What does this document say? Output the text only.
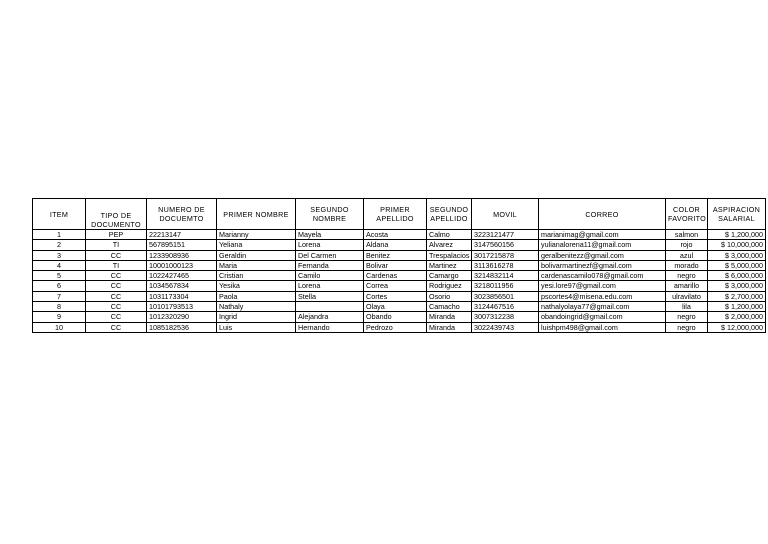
ITEM	TIPO DE DOCUMENTO	NUMERO DE DOCUEMTO	PRIMER NOMBRE	SEGUNDO NOMBRE	PRIMER APELLIDO	SEGUNDO APELLIDO	MOVIL	CORREO	COLOR FAVORITO	ASPIRACION SALARIAL
1	PEP	22213147	Marianny	Mayela	Acosta	Calmo	3223121477	marianimag@gmail.com	salmon	$ 1,200,000
2	TI	567895151	Yeliana	Lorena	Aldana	Alvarez	3147560156	yulianalorena11@gmail.com	rojo	$ 10,000,000
3	CC	1233908936	Geraldin	Del Carmen	Benitez	Trespalacios	3017215878	geralbenitezz@gmail.com	azul	$ 3,000,000
4	TI	10001000123	Maria	Fernanda	Bolivar	Martinez	3113616278	bolivarmartinezf@gmail.com	morado	$ 5,000,000
5	CC	1022427465	Cristian	Camilo	Cardenas	Camargo	3214832114	cardenascamilo078@gmail.com	negro	$ 6,000,000
6	CC	1034567834	Yesika	Lorena	Correa	Rodriguez	3218011956	yesi.lore97@gmail.com	amarillo	$ 3,000,000
7	CC	1031173304	Paola	Stella	Cortes	Osorio	3023856501	pscortes4@misena.edu.com	ulravilato	$ 2,700,000
8	CC	10101793513	Nathaly		Olaya	Camacho	3124467516	nathalyolaya77@gmail.com	lila	$ 1,200,000
9	CC	1012320290	Ingrid	Alejandra	Obando	Miranda	3007312238	obandoingrid@gmail.com	negro	$ 2,000,000
10	CC	1085182536	Luis	Hernando	Pedrozo	Miranda	3022439743	luishpm498@gmail.com	negro	$ 12,000,000
